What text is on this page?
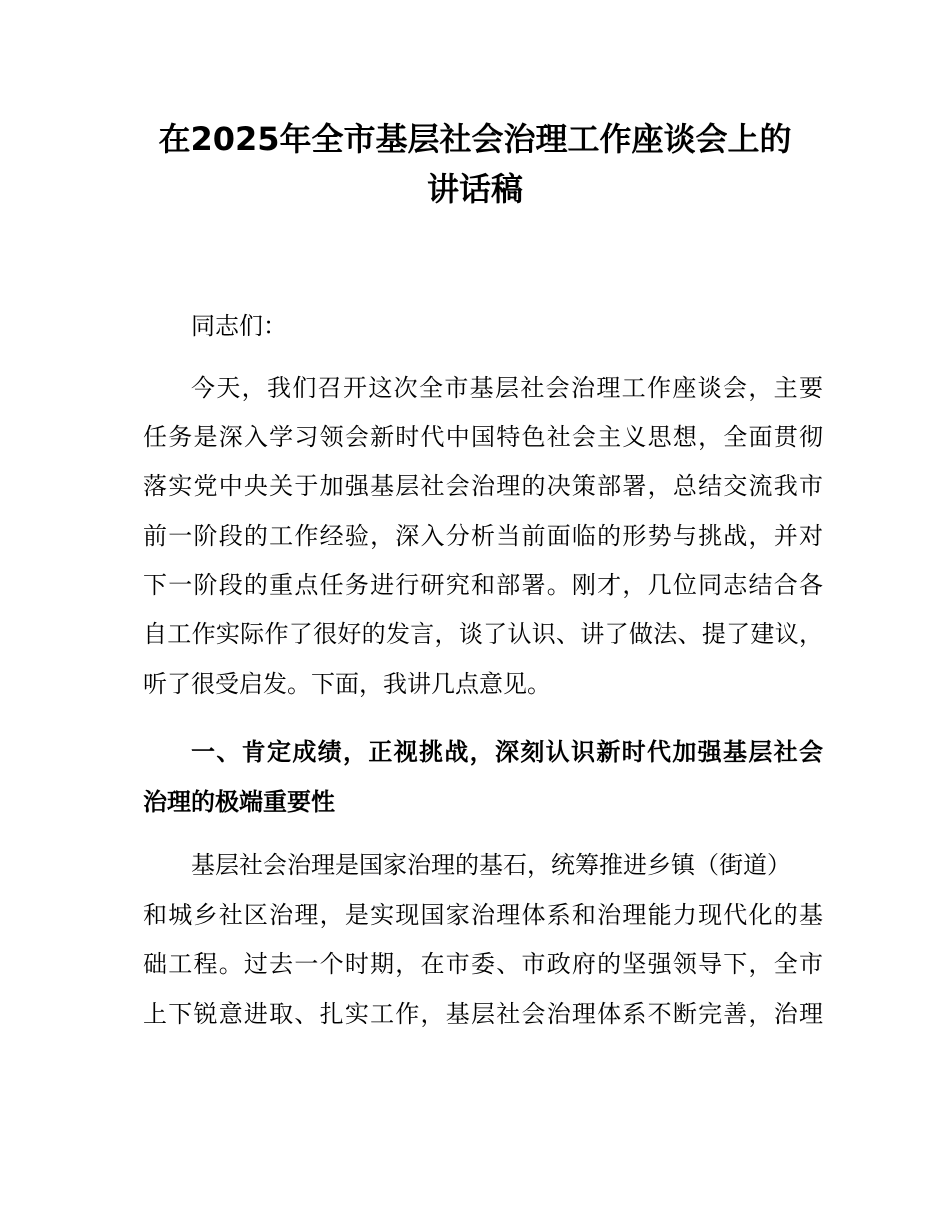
在2025年全市基层社会治理工作座谈会上的
讲话稿
同志们：
今天，我们召开这次全市基层社会治理工作座谈会，主要
任务是深入学习领会新时代中国特色社会主义思想，全面贯彻
落实党中央关于加强基层社会治理的决策部署，总结交流我市
前一阶段的工作经验，深入分析当前面临的形势与挑战，并对
下一阶段的重点任务进行研究和部署。刚才，几位同志结合各
自工作实际作了很好的发言，谈了认识、讲了做法、提了建议，
听了很受启发。下面，我讲几点意见。
一、肯定成绩，正视挑战，深刻认识新时代加强基层社会
治理的极端重要性
基层社会治理是国家治理的基石，统筹推进乡镇（街道）
和城乡社区治理，是实现国家治理体系和治理能力现代化的基
础工程。过去一个时期，在市委、市政府的坚强领导下，全市
上下锐意进取、扎实工作，基层社会治理体系不断完善，治理
